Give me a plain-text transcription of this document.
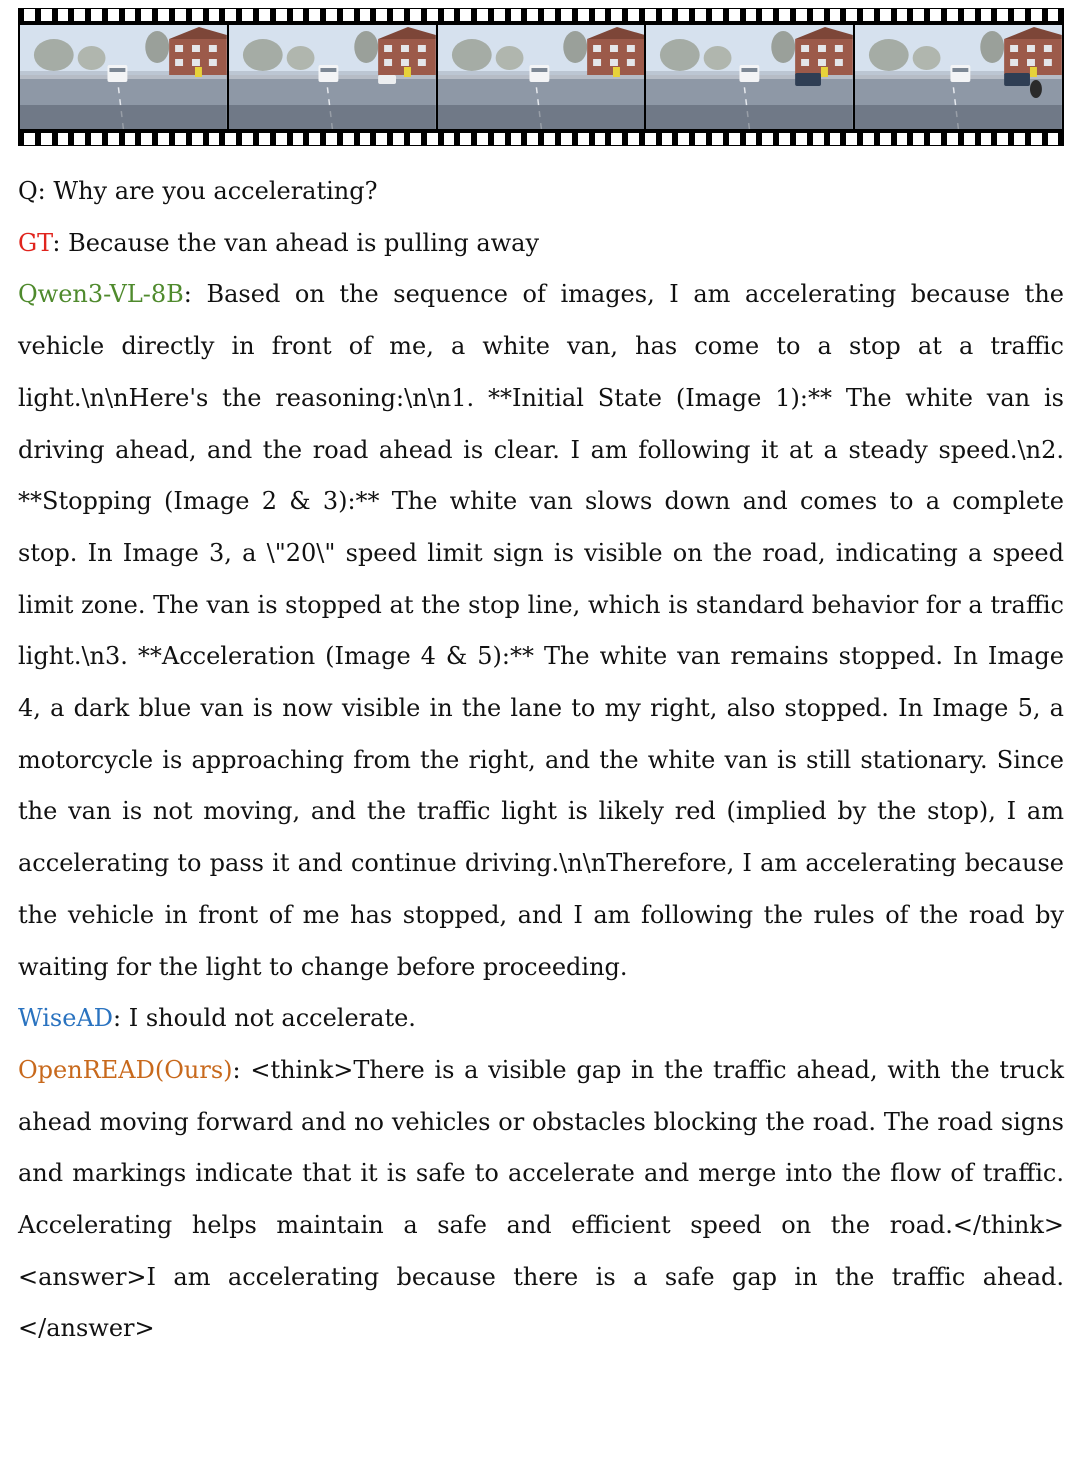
Q: Why are you accelerating?

GT: Because the van ahead is pulling away

Qwen3-VL-8B: Based on the sequence of images, I am accelerating because the vehicle directly in front of me, a white van, has come to a stop at a traffic light.\n\nHere's the reasoning:\n\n1. **Initial State (Image 1):** The white van is driving ahead, and the road ahead is clear. I am following it at a steady speed.\n2. **Stopping (Image 2 & 3):** The white van slows down and comes to a complete stop. In Image 3, a \"20\" speed limit sign is visible on the road, indicating a speed limit zone. The van is stopped at the stop line, which is standard behavior for a traffic light.\n3. **Acceleration (Image 4 & 5):** The white van remains stopped. In Image 4, a dark blue van is now visible in the lane to my right, also stopped. In Image 5, a motorcycle is approaching from the right, and the white van is still stationary. Since the van is not moving, and the traffic light is likely red (implied by the stop), I am accelerating to pass it and continue driving.\n\nTherefore, I am accelerating because the vehicle in front of me has stopped, and I am following the rules of the road by waiting for the light to change before proceeding.

WiseAD: I should not accelerate.

OpenREAD(Ours): <think>There is a visible gap in the traffic ahead, with the truck ahead moving forward and no vehicles or obstacles blocking the road. The road signs and markings indicate that it is safe to accelerate and merge into the flow of traffic. Accelerating helps maintain a safe and efficient speed on the road.</think> <answer>I am accelerating because there is a safe gap in the traffic ahead.</answer>
